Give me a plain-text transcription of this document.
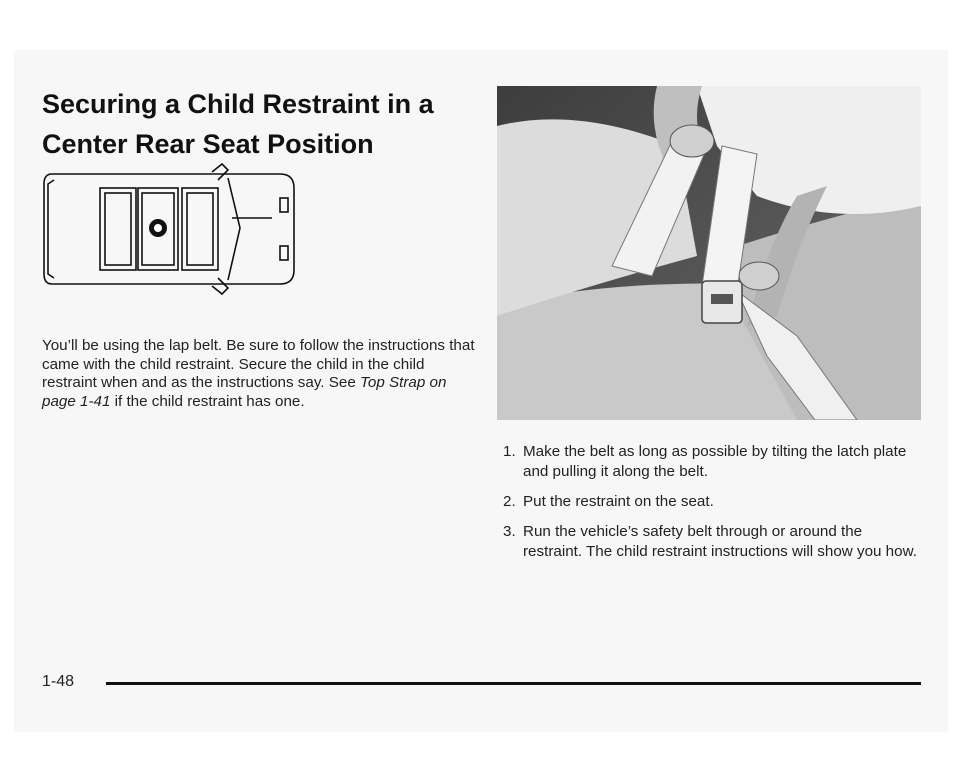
Securing a Child Restraint in a
Center Rear Seat Position
You’ll be using the lap belt. Be sure to follow the instructions that came with the child restraint. Secure the child in the child restraint when and as the instructions say. See Top Strap on page 1-41 if the child restraint has one.
1. Make the belt as long as possible by tilting the latch plate and pulling it along the belt.
2. Put the restraint on the seat.
3. Run the vehicle’s safety belt through or around the restraint. The child restraint instructions will show you how.
1-48
